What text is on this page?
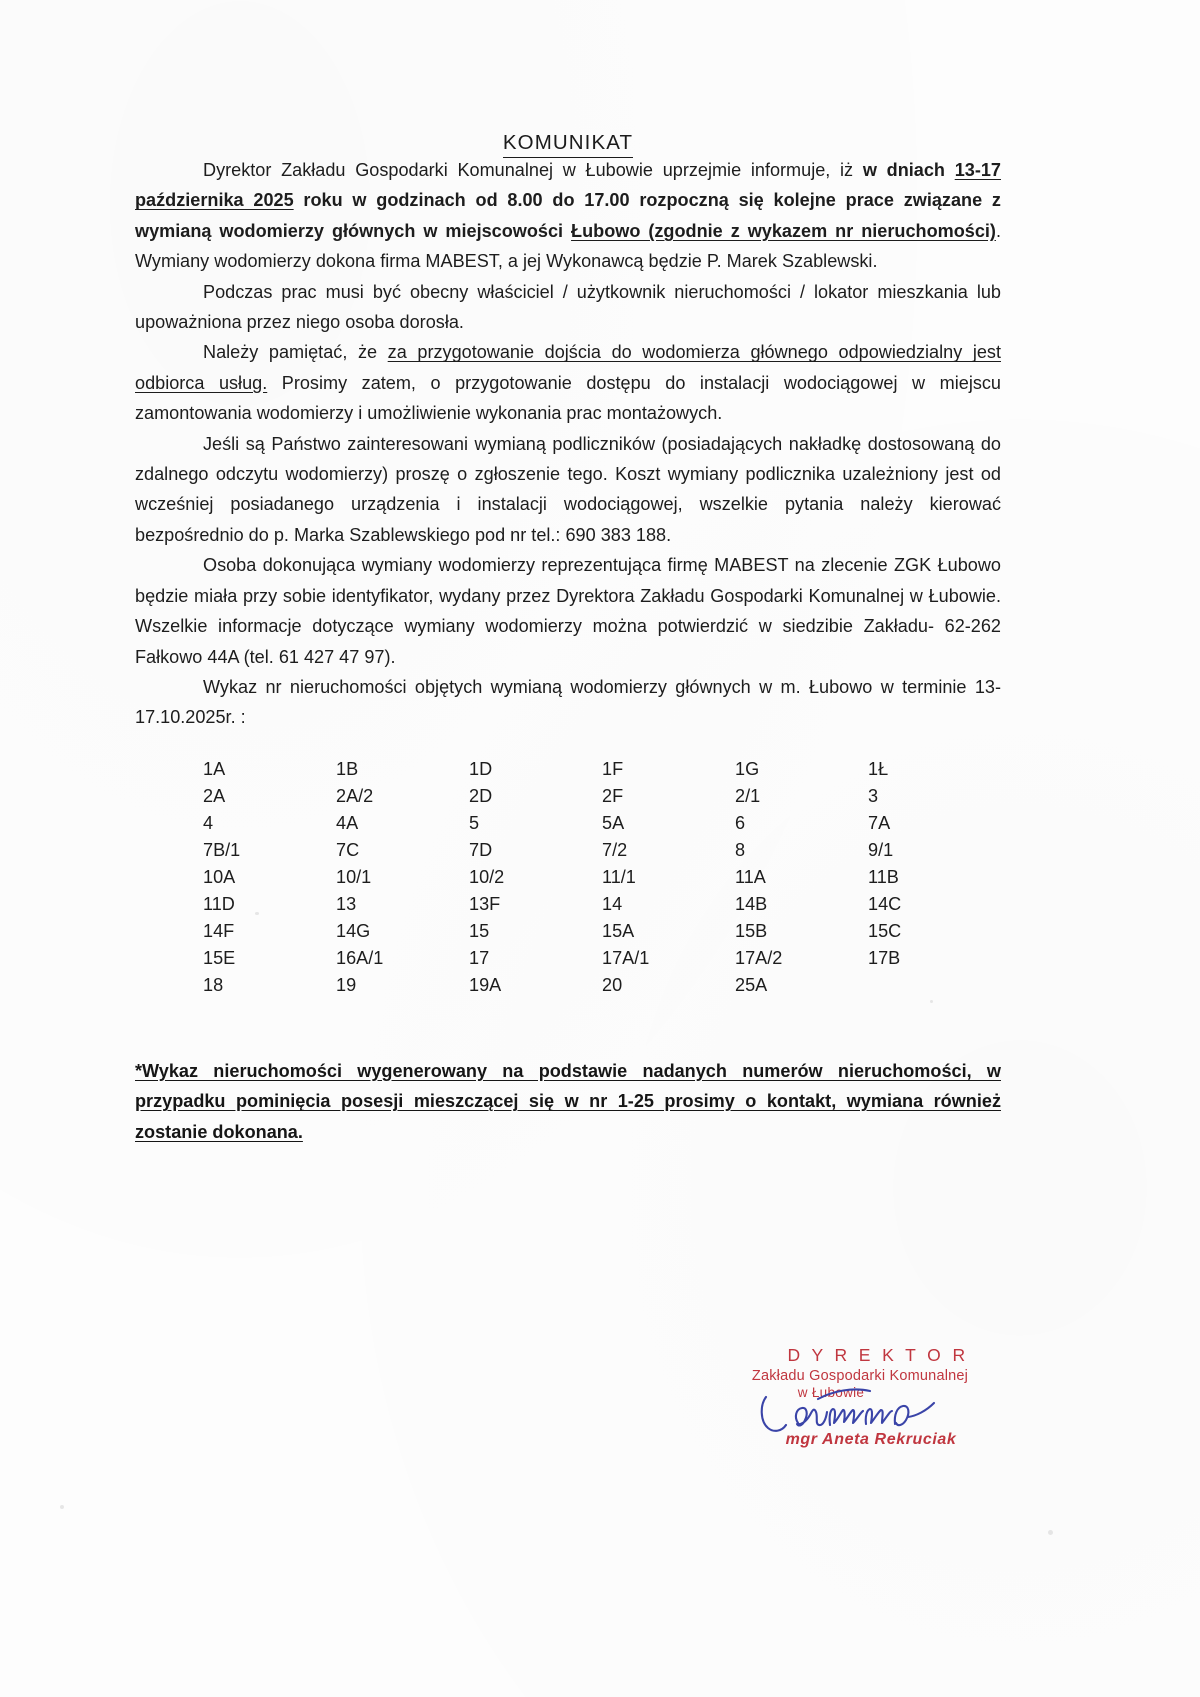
KOMUNIKAT

Dyrektor Zakładu Gospodarki Komunalnej w Łubowie uprzejmie informuje, iż w dniach 13-17 października 2025 roku w godzinach od 8.00 do 17.00 rozpoczną się kolejne prace związane z wymianą wodomierzy głównych w miejscowości Łubowo (zgodnie z wykazem nr nieruchomości). Wymiany wodomierzy dokona firma MABEST, a jej Wykonawcą będzie P. Marek Szablewski.

Podczas prac musi być obecny właściciel / użytkownik nieruchomości / lokator mieszkania lub upoważniona przez niego osoba dorosła.

Należy pamiętać, że za przygotowanie dojścia do wodomierza głównego odpowiedzialny jest odbiorca usług. Prosimy zatem, o przygotowanie dostępu do instalacji wodociągowej w miejscu zamontowania wodomierzy i umożliwienie wykonania prac montażowych.

Jeśli są Państwo zainteresowani wymianą podliczników (posiadających nakładkę dostosowaną do zdalnego odczytu wodomierzy) proszę o zgłoszenie tego. Koszt wymiany podlicznika uzależniony jest od wcześniej posiadanego urządzenia i instalacji wodociągowej, wszelkie pytania należy kierować bezpośrednio do p. Marka Szablewskiego pod nr tel.: 690 383 188.

Osoba dokonująca wymiany wodomierzy reprezentująca firmę MABEST na zlecenie ZGK Łubowo będzie miała przy sobie identyfikator, wydany przez Dyrektora Zakładu Gospodarki Komunalnej w Łubowie. Wszelkie informacje dotyczące wymiany wodomierzy można potwierdzić w siedzibie Zakładu- 62-262 Fałkowo 44A (tel. 61 427 47 97).

Wykaz nr nieruchomości objętych wymianą wodomierzy głównych w m. Łubowo w terminie 13-17.10.2025r. :

1A	1B	1D	1F	1G	1Ł
2A	2A/2	2D	2F	2/1	3
4	4A	5	5A	6	7A
7B/1	7C	7D	7/2	8	9/1
10A	10/1	10/2	11/1	11A	11B
11D	13	13F	14	14B	14C
14F	14G	15	15A	15B	15C
15E	16A/1	17	17A/1	17A/2	17B
18	19	19A	20	25A	

*Wykaz nieruchomości wygenerowany na podstawie nadanych numerów nieruchomości, w przypadku pominięcia posesji mieszczącej się w nr 1-25 prosimy o kontakt, wymiana również zostanie dokonana.

D Y R E K T O R
Zakładu Gospodarki Komunalnej
w Łubowie
mgr Aneta Rekruciak
